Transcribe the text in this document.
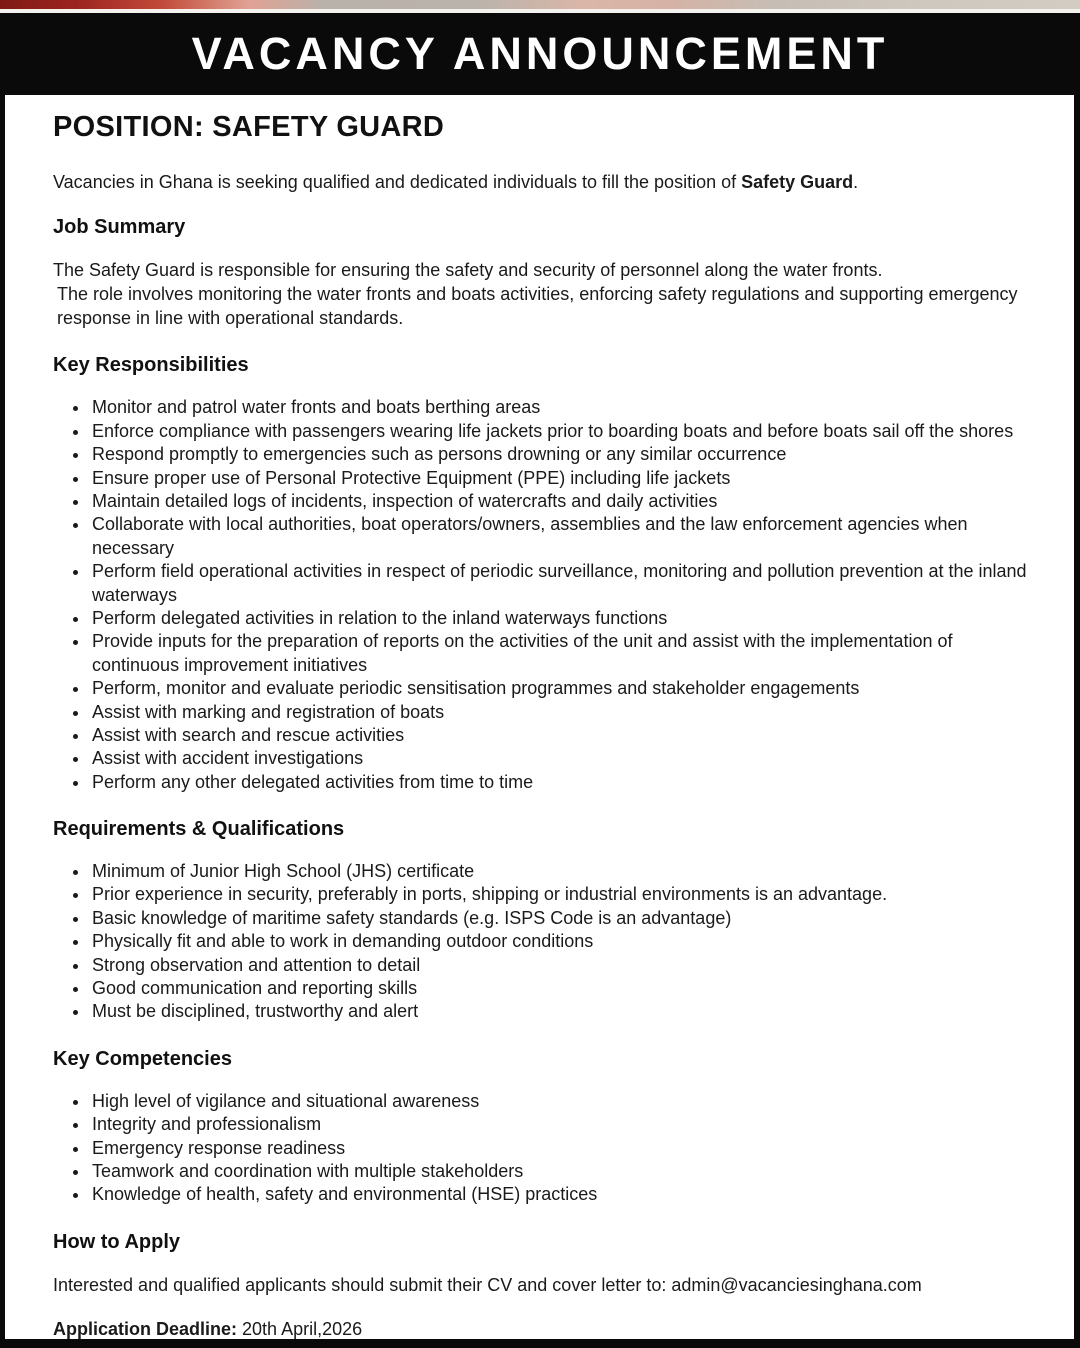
VACANCY ANNOUNCEMENT
POSITION: SAFETY GUARD

Vacancies in Ghana is seeking qualified and dedicated individuals to fill the position of Safety Guard.

Job Summary

The Safety Guard is responsible for ensuring the safety and security of personnel along the water fronts.

The role involves monitoring the water fronts and boats activities, enforcing safety regulations and supporting emergency response in line with operational standards.

Key Responsibilities
• Monitor and patrol water fronts and boats berthing areas
• Enforce compliance with passengers wearing life jackets prior to boarding boats and before boats sail off the shores
• Respond promptly to emergencies such as persons drowning or any similar occurrence
• Ensure proper use of Personal Protective Equipment (PPE) including life jackets
• Maintain detailed logs of incidents, inspection of watercrafts and daily activities
• Collaborate with local authorities, boat operators/owners, assemblies and the law enforcement agencies when necessary
• Perform field operational activities in respect of periodic surveillance, monitoring and pollution prevention at the inland waterways
• Perform delegated activities in relation to the inland waterways functions
• Provide inputs for the preparation of reports on the activities of the unit and assist with the implementation of continuous improvement initiatives
• Perform, monitor and evaluate periodic sensitisation programmes and stakeholder engagements
• Assist with marking and registration of boats
• Assist with search and rescue activities
• Assist with accident investigations
• Perform any other delegated activities from time to time
Requirements & Qualifications
• Minimum of Junior High School (JHS) certificate
• Prior experience in security, preferably in ports, shipping or industrial environments is an advantage.
• Basic knowledge of maritime safety standards (e.g. ISPS Code is an advantage)
• Physically fit and able to work in demanding outdoor conditions
• Strong observation and attention to detail
• Good communication and reporting skills
• Must be disciplined, trustworthy and alert
Key Competencies
• High level of vigilance and situational awareness
• Integrity and professionalism
• Emergency response readiness
• Teamwork and coordination with multiple stakeholders
• Knowledge of health, safety and environmental (HSE) practices
How to Apply

Interested and qualified applicants should submit their CV and cover letter to: admin@vacanciesinghana.com

Application Deadline: 20th April,2026
